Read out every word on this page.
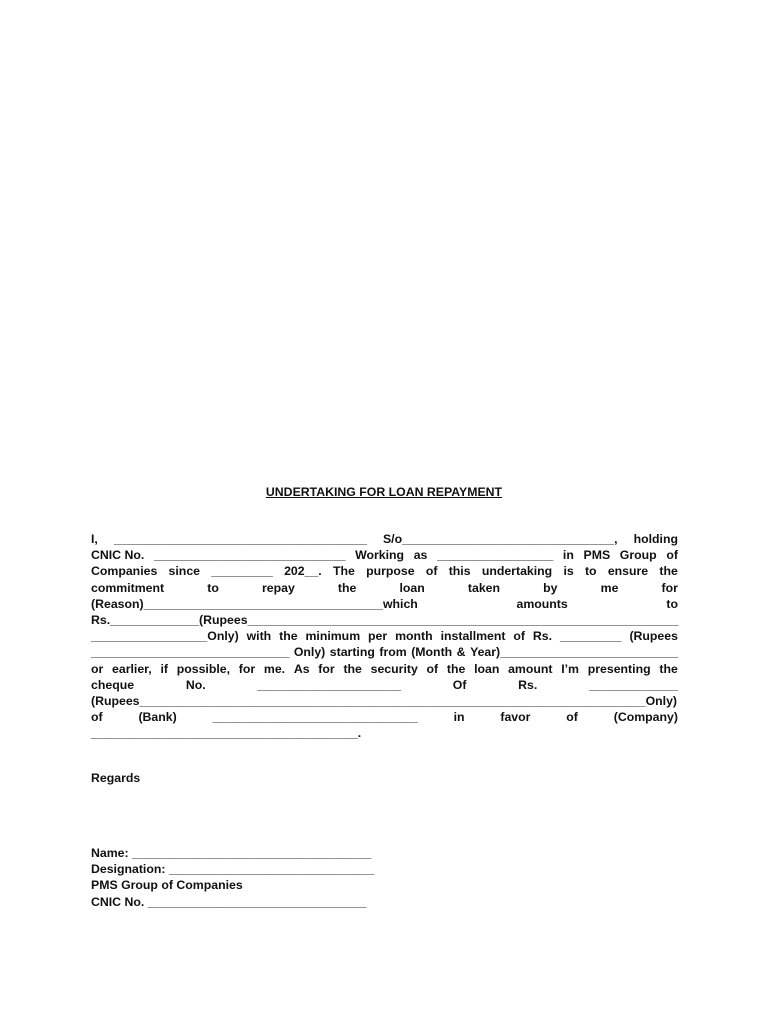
UNDERTAKING FOR LOAN REPAYMENT
I, _____________________________________ S/o_______________________________, holding
CNIC No. ____________________________ Working as _________________ in PMS Group of
Companies since _________ 202__. The purpose of this undertaking is to ensure the
commitment	to	repay	the	loan	taken	by	me	for
(Reason)___________________________________which	amounts	to
Rs._____________(Rupees_______________________________________________________________
_________________Only) with the minimum per month installment of Rs. _________ (Rupees
_____________________________ Only) starting from (Month & Year)__________________________
or earlier, if possible, for me. As for the security of the loan amount I’m presenting the
cheque	No.	_____________________	Of	Rs.	_____________
(Rupees__________________________________________________________________________Only)
of	(Bank)	______________________________	in	favor	of	(Company)
_______________________________________.
Regards
Name: ___________________________________
Designation: ______________________________
PMS Group of Companies
CNIC No. ________________________________
